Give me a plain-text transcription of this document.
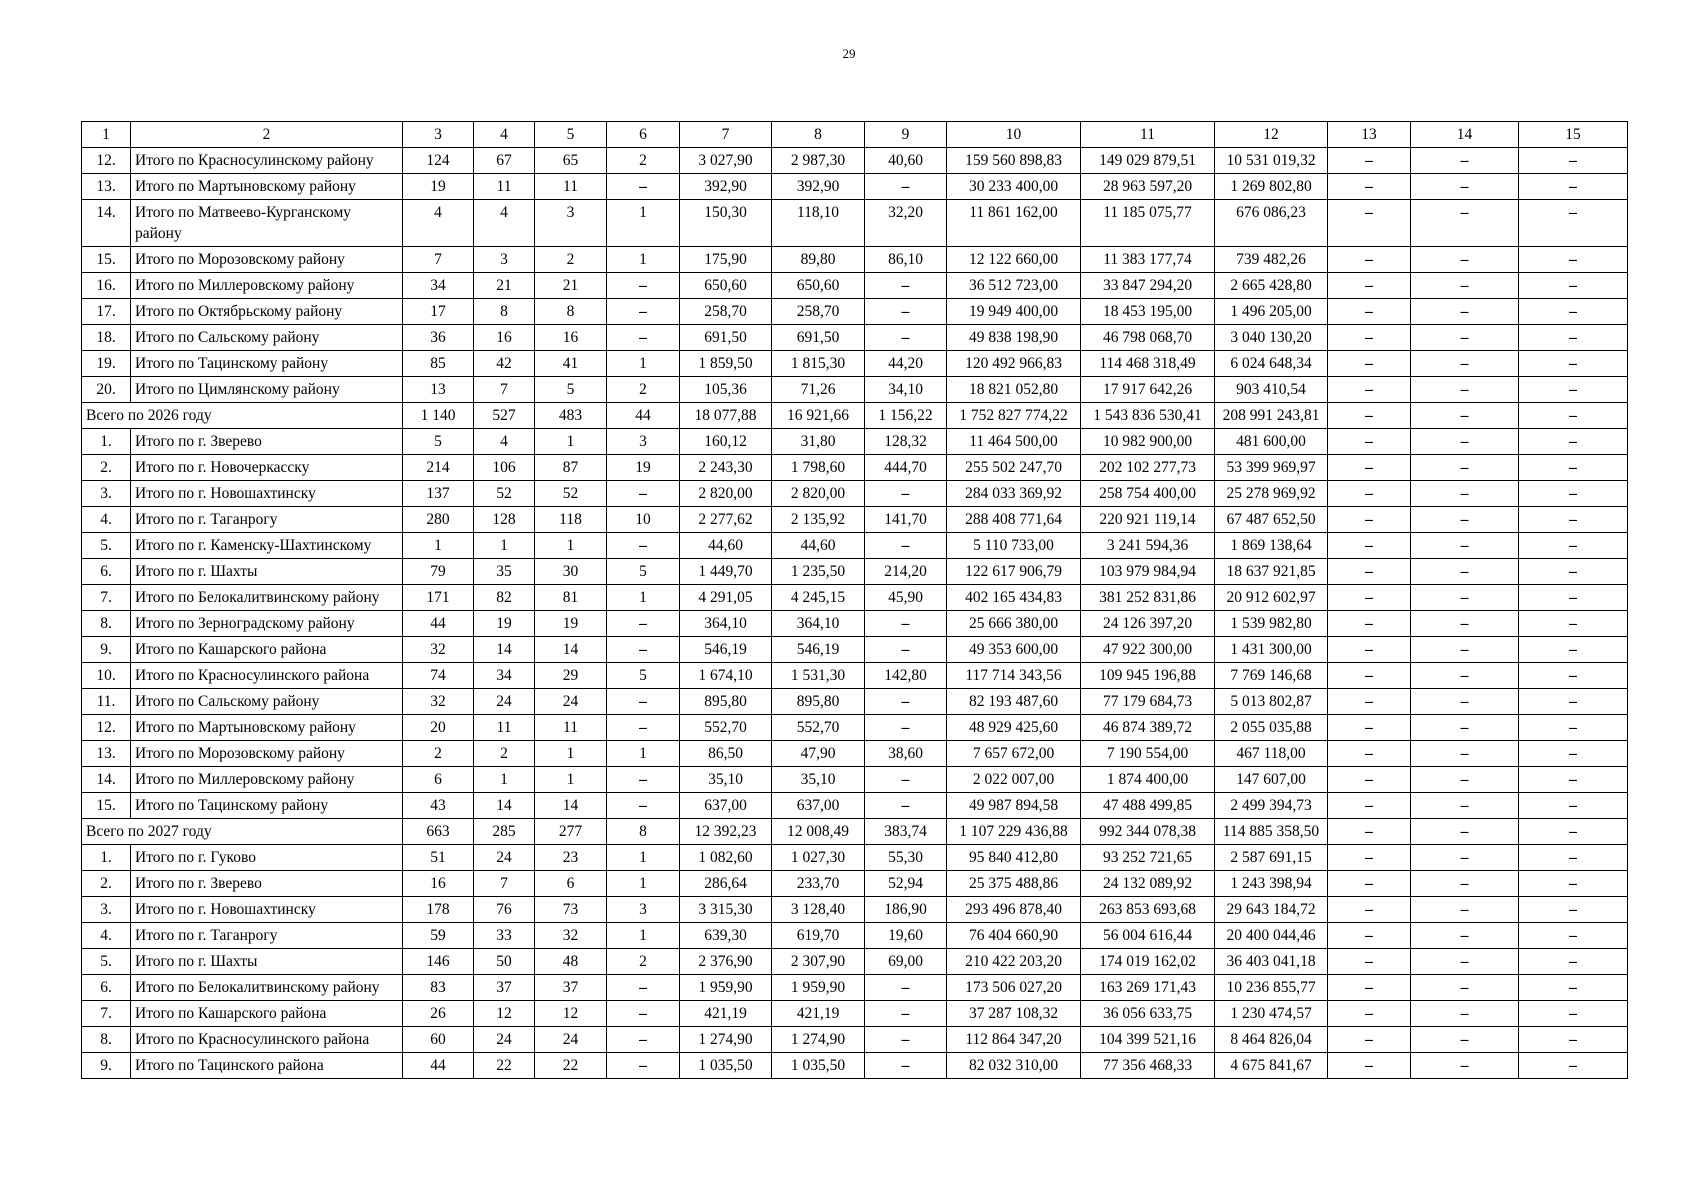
29
1	2	3	4	5	6	7	8	9	10	11	12	13	14	15
12.	Итого по Красносулинскому району	124	67	65	2	3 027,90	2 987,30	40,60	159 560 898,83	149 029 879,51	10 531 019,32	–	–	–
13.	Итого по Мартыновскому району	19	11	11	–	392,90	392,90	–	30 233 400,00	28 963 597,20	1 269 802,80	–	–	–
14.	Итого по Матвеево-Курганскому району	4	4	3	1	150,30	118,10	32,20	11 861 162,00	11 185 075,77	676 086,23	–	–	–
15.	Итого по Морозовскому району	7	3	2	1	175,90	89,80	86,10	12 122 660,00	11 383 177,74	739 482,26	–	–	–
16.	Итого по Миллеровскому району	34	21	21	–	650,60	650,60	–	36 512 723,00	33 847 294,20	2 665 428,80	–	–	–
17.	Итого по Октябрьскому району	17	8	8	–	258,70	258,70	–	19 949 400,00	18 453 195,00	1 496 205,00	–	–	–
18.	Итого по Сальскому району	36	16	16	–	691,50	691,50	–	49 838 198,90	46 798 068,70	3 040 130,20	–	–	–
19.	Итого по Тацинскому району	85	42	41	1	1 859,50	1 815,30	44,20	120 492 966,83	114 468 318,49	6 024 648,34	–	–	–
20.	Итого по Цимлянскому району	13	7	5	2	105,36	71,26	34,10	18 821 052,80	17 917 642,26	903 410,54	–	–	–
Всего по 2026 году		1 140	527	483	44	18 077,88	16 921,66	1 156,22	1 752 827 774,22	1 543 836 530,41	208 991 243,81	–	–	–
1.	Итого по г. Зверево	5	4	1	3	160,12	31,80	128,32	11 464 500,00	10 982 900,00	481 600,00	–	–	–
2.	Итого по г. Новочеркасску	214	106	87	19	2 243,30	1 798,60	444,70	255 502 247,70	202 102 277,73	53 399 969,97	–	–	–
3.	Итого по г. Новошахтинску	137	52	52	–	2 820,00	2 820,00	–	284 033 369,92	258 754 400,00	25 278 969,92	–	–	–
4.	Итого по г. Таганрогу	280	128	118	10	2 277,62	2 135,92	141,70	288 408 771,64	220 921 119,14	67 487 652,50	–	–	–
5.	Итого по г. Каменску-Шахтинскому	1	1	1	–	44,60	44,60	–	5 110 733,00	3 241 594,36	1 869 138,64	–	–	–
6.	Итого по г. Шахты	79	35	30	5	1 449,70	1 235,50	214,20	122 617 906,79	103 979 984,94	18 637 921,85	–	–	–
7.	Итого по Белокалитвинскому району	171	82	81	1	4 291,05	4 245,15	45,90	402 165 434,83	381 252 831,86	20 912 602,97	–	–	–
8.	Итого по Зерноградскому району	44	19	19	–	364,10	364,10	–	25 666 380,00	24 126 397,20	1 539 982,80	–	–	–
9.	Итого по Кашарского района	32	14	14	–	546,19	546,19	–	49 353 600,00	47 922 300,00	1 431 300,00	–	–	–
10.	Итого по Красносулинского района	74	34	29	5	1 674,10	1 531,30	142,80	117 714 343,56	109 945 196,88	7 769 146,68	–	–	–
11.	Итого по Сальскому району	32	24	24	–	895,80	895,80	–	82 193 487,60	77 179 684,73	5 013 802,87	–	–	–
12.	Итого по Мартыновскому району	20	11	11	–	552,70	552,70	–	48 929 425,60	46 874 389,72	2 055 035,88	–	–	–
13.	Итого по Морозовскому району	2	2	1	1	86,50	47,90	38,60	7 657 672,00	7 190 554,00	467 118,00	–	–	–
14.	Итого по Миллеровскому району	6	1	1	–	35,10	35,10	–	2 022 007,00	1 874 400,00	147 607,00	–	–	–
15.	Итого по Тацинскому району	43	14	14	–	637,00	637,00	–	49 987 894,58	47 488 499,85	2 499 394,73	–	–	–
Всего по 2027 году		663	285	277	8	12 392,23	12 008,49	383,74	1 107 229 436,88	992 344 078,38	114 885 358,50	–	–	–
1.	Итого по г. Гуково	51	24	23	1	1 082,60	1 027,30	55,30	95 840 412,80	93 252 721,65	2 587 691,15	–	–	–
2.	Итого по г. Зверево	16	7	6	1	286,64	233,70	52,94	25 375 488,86	24 132 089,92	1 243 398,94	–	–	–
3.	Итого по г. Новошахтинску	178	76	73	3	3 315,30	3 128,40	186,90	293 496 878,40	263 853 693,68	29 643 184,72	–	–	–
4.	Итого по г. Таганрогу	59	33	32	1	639,30	619,70	19,60	76 404 660,90	56 004 616,44	20 400 044,46	–	–	–
5.	Итого по г. Шахты	146	50	48	2	2 376,90	2 307,90	69,00	210 422 203,20	174 019 162,02	36 403 041,18	–	–	–
6.	Итого по Белокалитвинскому району	83	37	37	–	1 959,90	1 959,90	–	173 506 027,20	163 269 171,43	10 236 855,77	–	–	–
7.	Итого по Кашарского района	26	12	12	–	421,19	421,19	–	37 287 108,32	36 056 633,75	1 230 474,57	–	–	–
8.	Итого по Красносулинского района	60	24	24	–	1 274,90	1 274,90	–	112 864 347,20	104 399 521,16	8 464 826,04	–	–	–
9.	Итого по Тацинского района	44	22	22	–	1 035,50	1 035,50	–	82 032 310,00	77 356 468,33	4 675 841,67	–	–	–
